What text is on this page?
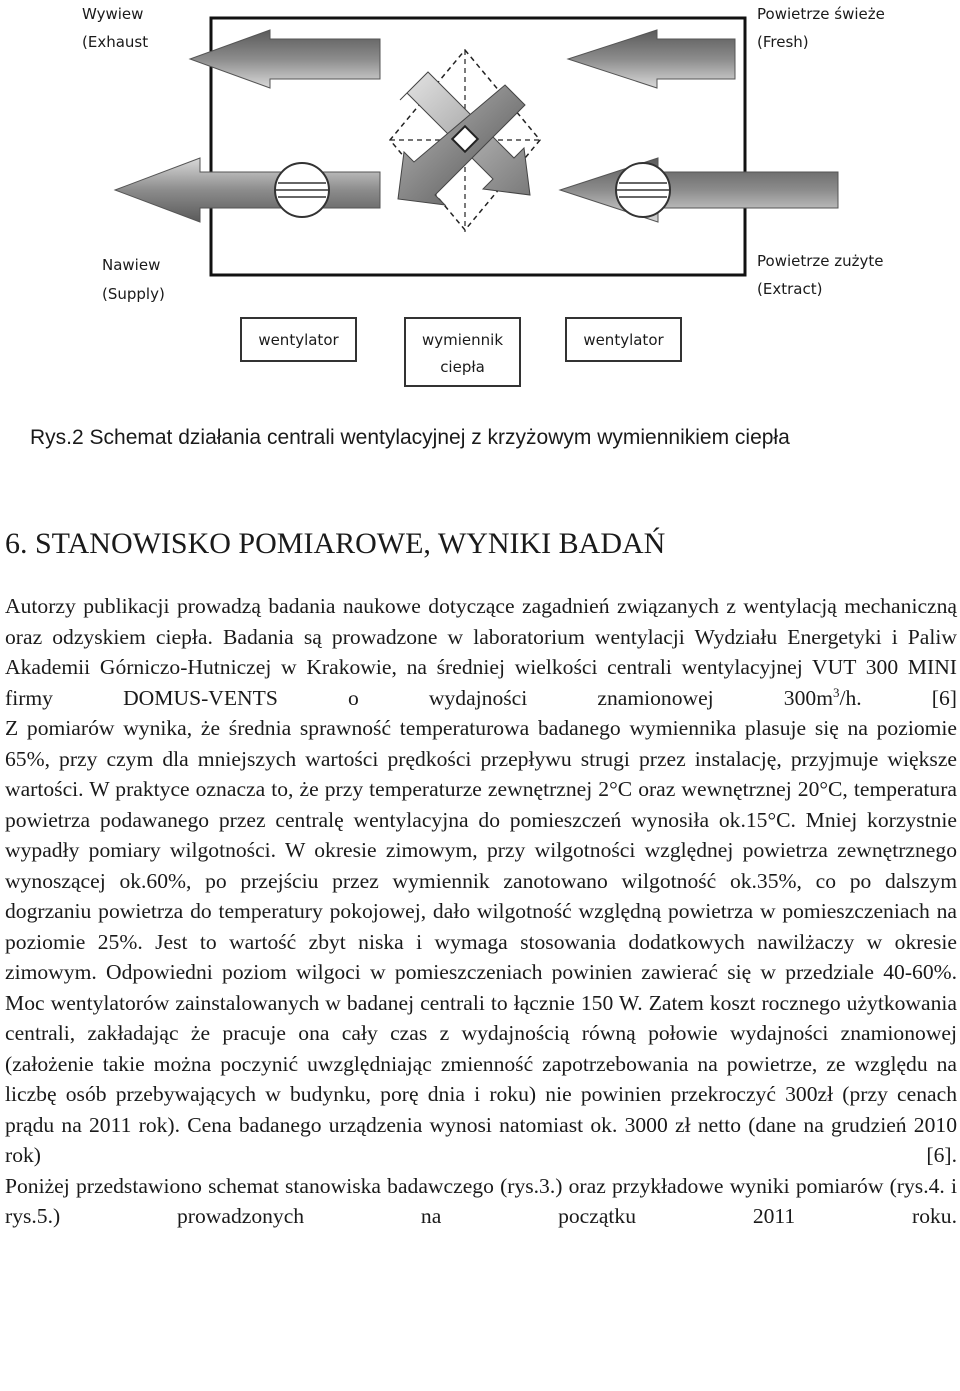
Wywiew
(Exhaust
Powietrze świeże
(Fresh)
Nawiew
(Supply)
Powietrze zużyte
(Extract)
wentylator	wymiennik
ciepła
wentylator
Rys.2 Schemat działania centrali wentylacyjnej z krzyżowym wymiennikiem ciepła
6. STANOWISKO POMIAROWE, WYNIKI BADAŃ

Autorzy publikacji prowadzą badania naukowe dotyczące zagadnień związanych z wentylacją mechaniczną oraz odzyskiem ciepła. Badania są prowadzone w laboratorium wentylacji Wydziału Energetyki i Paliw Akademii Górniczo-Hutniczej w Krakowie, na średniej wielkości centrali wentylacyjnej VUT 300 MINI firmy DOMUS-VENTS o wydajności znamionowej $300m^3/h$. [6]

Z pomiarów wynika, że średnia sprawność temperaturowa badanego wymiennika plasuje się na poziomie 65%, przy czym dla mniejszych wartości prędkości przepływu strugi przez instalację, przyjmuje większe wartości. W praktyce oznacza to, że przy temperaturze zewnętrznej 2°C oraz wewnętrznej 20°C, temperatura powietrza podawanego przez centralę wentylacyjna do pomieszczeń wynosiła ok.15°C. Mniej korzystnie wypadły pomiary wilgotności. W okresie zimowym, przy wilgotności względnej powietrza zewnętrznego wynoszącej ok.60%, po przejściu przez wymiennik zanotowano wilgotność ok.35%, co po dalszym dogrzaniu powietrza do temperatury pokojowej, dało wilgotność względną powietrza w pomieszczeniach na poziomie 25%. Jest to wartość zbyt niska i wymaga stosowania dodatkowych nawilżaczy w okresie zimowym. Odpowiedni poziom wilgoci w pomieszczeniach powinien zawierać się w przedziale 40-60%.

Moc wentylatorów zainstalowanych w badanej centrali to łącznie 150 W. Zatem koszt rocznego użytkowania centrali, zakładając że pracuje ona cały czas z wydajnością równą połowie wydajności znamionowej (założenie takie można poczynić uwzględniając zmienność zapotrzebowania na powietrze, ze względu na liczbę osób przebywających w budynku, porę dnia i roku) nie powinien przekroczyć 300zł (przy cenach prądu na 2011 rok). Cena badanego urządzenia wynosi natomiast ok. 3000 zł netto (dane na grudzień 2010 rok) [6].

Poniżej przedstawiono schemat stanowiska badawczego (rys.3.) oraz przykładowe wyniki pomiarów (rys.4. i rys.5.) prowadzonych na początku 2011 roku.
